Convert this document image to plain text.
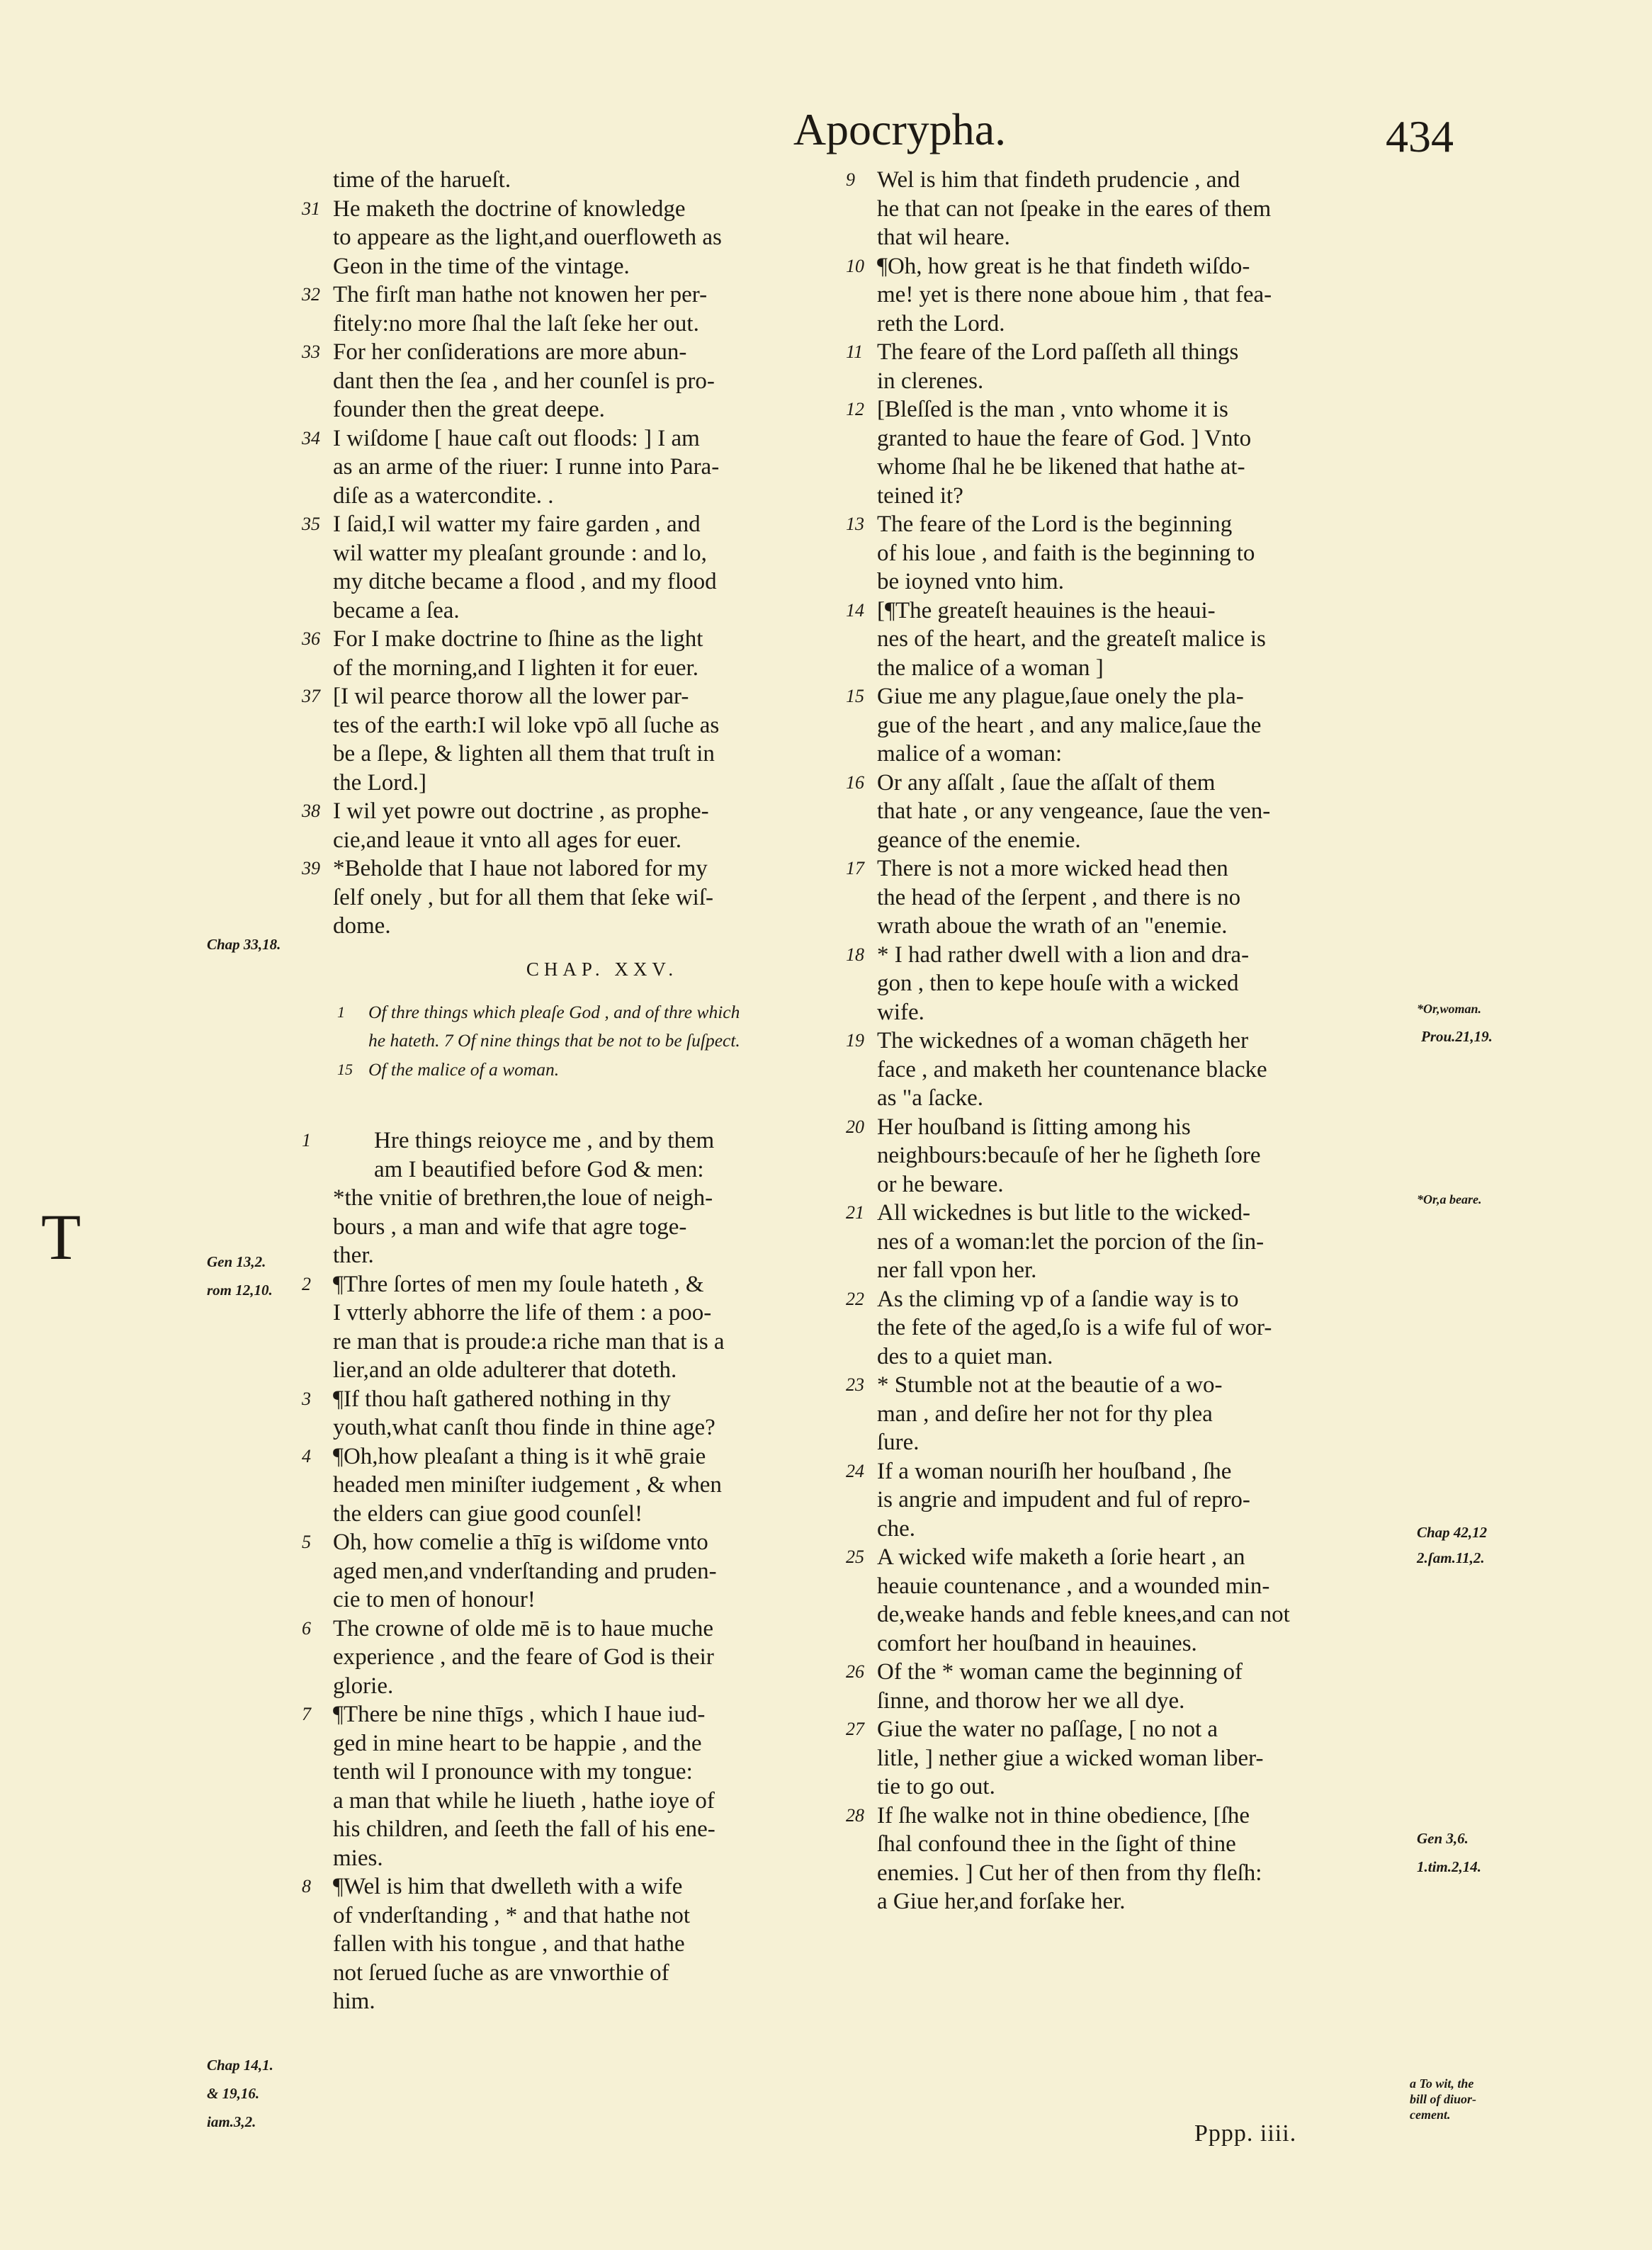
Apocrypha.	434
time of the harueſt.
31 He maketh the doctrine of knowledge
to appeare as the light,and ouerfloweth as
Geon in the time of the vintage.
32 The firſt man hathe not knowen her per-
fitely:no more ſhal the laſt ſeke her out.
33 For her conſiderations are more abun-
dant then the ſea , and her counſel is pro-
founder then the great deepe.
34 I wiſdome [ haue caſt out floods: ] I am
as an arme of the riuer: I runne into Para-
diſe as a watercondite. .
35 I ſaid,I wil watter my faire garden , and
wil watter my pleaſant grounde : and lo,
my ditche became a flood , and my flood
became a ſea.
36 For I make doctrine to ſhine as the light
of the morning,and I lighten it for euer.
37 [I wil pearce thorow all the lower par-
tes of the earth:I wil loke vpō all ſuche as
be a ſlepe, & lighten all them that truſt in
the Lord.]
38 I wil yet powre out doctrine , as prophe-
cie,and leaue it vnto all ages for euer.
39 *Beholde that I haue not labored for my
ſelf onely , but for all them that ſeke wiſ-
dome.
CHAP. XXV.
1	Of thre things which pleaſe God , and of thre which
he hateth. 7 Of nine things that be not to be ſuſpect.
15 Of the malice of a woman.
1	Hre things reioyce me , and by them
am I beautified before God & men:
*the vnitie of brethren,the loue of neigh-
bours , a man and wife that agre toge-
ther.
2 ¶Thre ſortes of men my ſoule hateth , &
I vtterly abhorre the life of them : a poo-
re man that is proude:a riche man that is a
lier,and an olde adulterer that doteth.
3 ¶If thou haſt gathered nothing in thy
youth,what canſt thou finde in thine age?
4 ¶Oh,how pleaſant a thing is it whē graie
headed men miniſter iudgement , & when
the elders can giue good counſel!
5 Oh, how comelie a thīg is wiſdome vnto
aged men,and vnderſtanding and pruden-
cie to men of honour!
6 The crowne of olde mē is to haue muche
experience , and the feare of God is their
glorie.
7 ¶There be nine thīgs , which I haue iud-
ged in mine heart to be happie , and the
tenth wil I pronounce with my tongue:
a man that while he liueth , hathe ioye of
his children, and ſeeth the fall of his ene-
mies.
8 ¶Wel is him that dwelleth with a wife
of vnderſtanding , * and that hathe not
fallen with his tongue , and that hathe
not ſerued ſuche as are vnworthie of
him.
T
9 Wel is him that findeth prudencie , and
he that can not ſpeake in the eares of them
that wil heare.
10 ¶Oh, how great is he that findeth wiſdo-
me! yet is there none aboue him , that fea-
reth the Lord.
11 The feare of the Lord paſſeth all things
in clerenes.
12 [Bleſſed is the man , vnto whome it is
granted to haue the feare of God. ] Vnto
whome ſhal he be likened that hathe at-
teined it?
13 The feare of the Lord is the beginning
of his loue , and faith is the beginning to
be ioyned vnto him.
14 [¶The greateſt heauines is the heaui-
nes of the heart, and the greateſt malice is
the malice of a woman ]
15 Giue me any plague,ſaue onely the pla-
gue of the heart , and any malice,ſaue the
malice of a woman:
16 Or any aſſalt , ſaue the aſſalt of them
that hate , or any vengeance, ſaue the ven-
geance of the enemie.
17 There is not a more wicked head then
the head of the ſerpent , and there is no
wrath aboue the wrath of an "enemie.
18 * I had rather dwell with a lion and dra-
gon , then to kepe houſe with a wicked
wife.
19 The wickednes of a woman chāgeth her
face , and maketh her countenance blacke
as "a ſacke.
20 Her houſband is ſitting among his
neighbours:becauſe of her he ſigheth ſore
or he beware.
21 All wickednes is but litle to the wicked-
nes of a woman:let the porcion of the ſin-
ner fall vpon her.
22 As the climing vp of a ſandie way is to
the fete of the aged,ſo is a wife ful of wor-
des to a quiet man.
23 * Stumble not at the beautie of a wo-
man , and deſire her not for thy plea
ſure.
24 If a woman nouriſh her houſband , ſhe
is angrie and impudent and ful of repro-
che.
25 A wicked wife maketh a ſorie heart , an
heauie countenance , and a wounded min-
de,weake hands and feble knees,and can not
comfort her houſband in heauines.
26 Of the * woman came the beginning of
ſinne, and thorow her we all dye.
27 Giue the water no paſſage, [ no not a
litle, ] nether giue a wicked woman liber-
tie to go out.
28 If ſhe walke not in thine obedience, [ſhe
ſhal confound thee in the ſight of thine
enemies. ] Cut her of then from thy fleſh:
a Giue her,and forſake her.
Pppp. iiii.
Chap 33,18.
Gen 13,2.
rom 12,10.
Chap 14,1.
& 19,16.
iam.3,2.
*Or,woman.
Prou.21,19.
*Or,a beare.
Chap 42,12
2.ſam.11,2.
Gen 3,6.
1.tim.2,14.
a To wit, the
bill of diuor-
cement.
